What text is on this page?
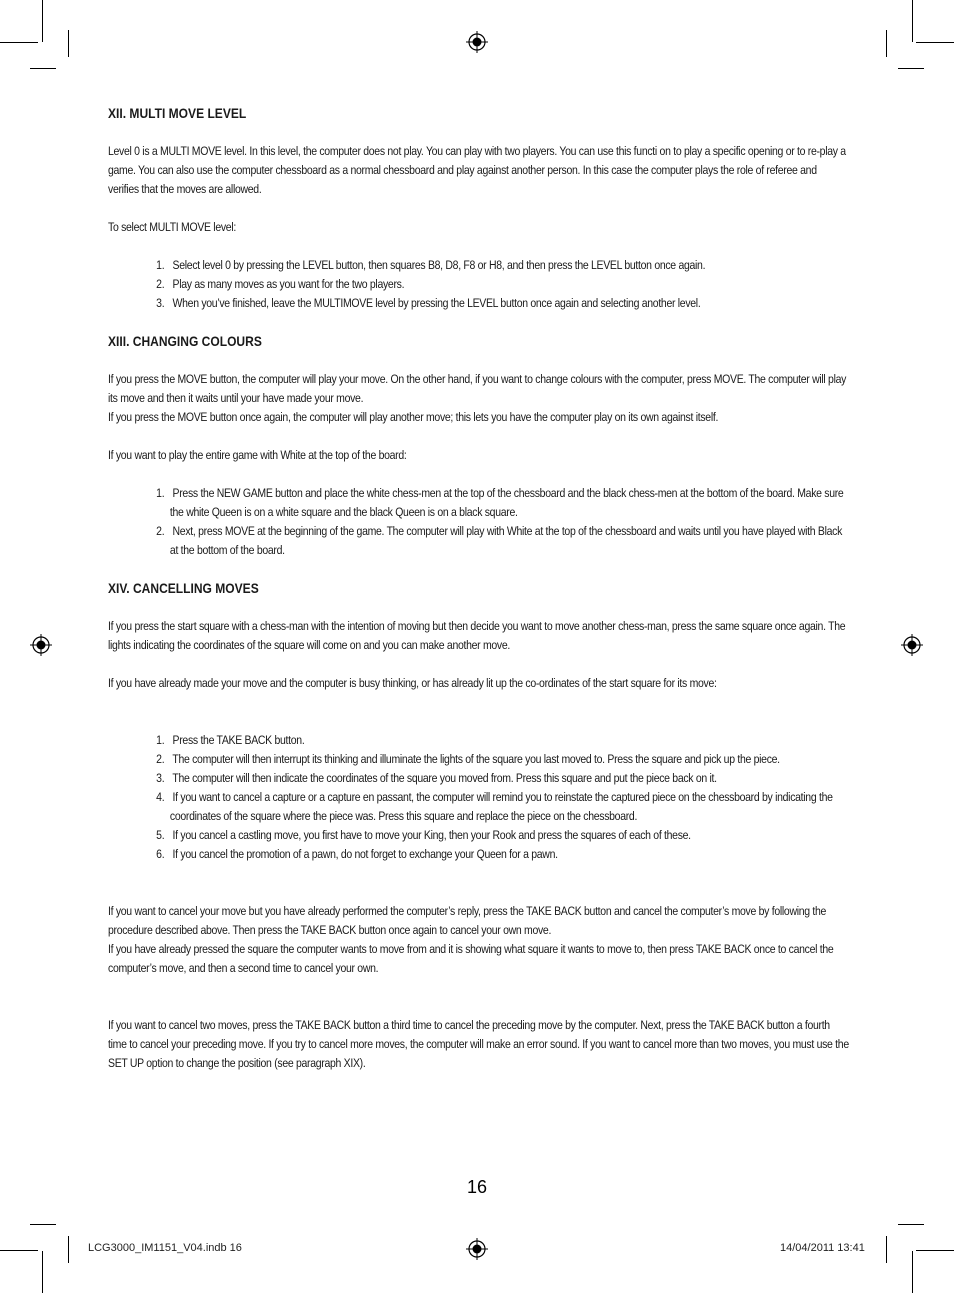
XII. MULTI MOVE LEVEL

Level 0 is a MULTI MOVE level. In this level, the computer does not play. You can play with two players. You can use this functi on to play a specific opening or to re-play a game. You can also use the computer chessboard as a normal chessboard and play against another person. In this case the computer plays the role of referee and verifies that the moves are allowed.

To select MULTI MOVE level:

1. Select level 0 by pressing the LEVEL button, then squares B8, D8, F8 or H8, and then press the LEVEL button once again.
2. Play as many moves as you want for the two players.
3. When you’ve finished, leave the MULTIMOVE level by pressing the LEVEL button once again and selecting another level.
XIII. CHANGING COLOURS

If you press the MOVE button, the computer will play your move. On the other hand, if you want to change colours with the computer, press MOVE. The computer will play its move and then it waits until your have made your move.

If you press the MOVE button once again, the computer will play another move; this lets you have the computer play on its own against itself.

If you want to play the entire game with White at the top of the board:

1. Press the NEW GAME button and place the white chess-men at the top of the chessboard and the black chess-men at the bottom of the board. Make sure the white Queen is on a white square and the black Queen is on a black square.
2. Next, press MOVE at the beginning of the game. The computer will play with White at the top of the chessboard and waits until you have played with Black at the bottom of the board.
XIV. CANCELLING MOVES

If you press the start square with a chess-man with the intention of moving but then decide you want to move another chess-man, press the same square once again. The lights indicating the coordinates of the square will come on and you can make another move.

If you have already made your move and the computer is busy thinking, or has already lit up the co-ordinates of the start square for its move:

1. Press the TAKE BACK button.
2. The computer will then interrupt its thinking and illuminate the lights of the square you last moved to. Press the square and pick up the piece.
3. The computer will then indicate the coordinates of the square you moved from. Press this square and put the piece back on it.
4. If you want to cancel a capture or a capture en passant, the computer will remind you to reinstate the captured piece on the chessboard by indicating the coordinates of the square where the piece was. Press this square and replace the piece on the chessboard.
5. If you cancel a castling move, you first have to move your King, then your Rook and press the squares of each of these.
6. If you cancel the promotion of a pawn, do not forget to exchange your Queen for a pawn.

If you want to cancel your move but you have already performed the computer’s reply, press the TAKE BACK button and cancel the computer’s move by following the procedure described above. Then press the TAKE BACK button once again to cancel your own move.

If you have already pressed the square the computer wants to move from and it is showing what square it wants to move to, then press TAKE BACK once to cancel the computer’s move, and then a second time to cancel your own.

If you want to cancel two moves, press the TAKE BACK button a third time to cancel the preceding move by the computer. Next, press the TAKE BACK button a fourth time to cancel your preceding move. If you try to cancel more moves, the computer will make an error sound. If you want to cancel more than two moves, you must use the SET UP option to change the position (see paragraph XIX).

16
LCG3000_IM1151_V04.indb 16	14/04/2011 13:41
